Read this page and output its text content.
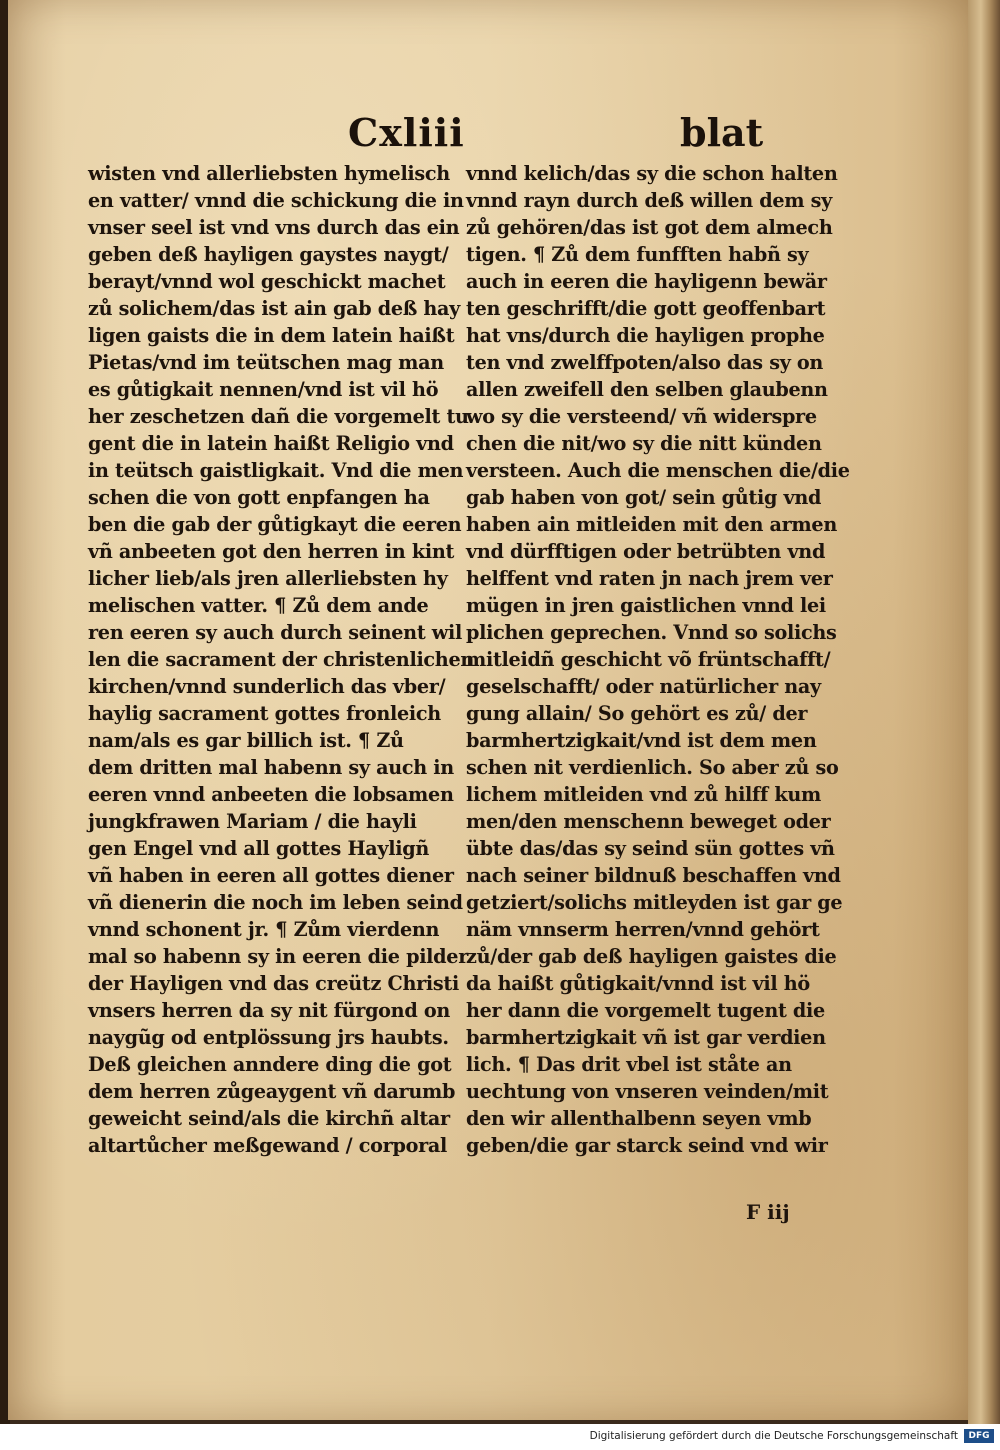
Cxliii	blat
wisten vnd allerliebsten hymelisch
en vatter/ vnnd die schickung die in
vnser seel ist vnd vns durch das ein
geben deß hayligen gaystes naygt/
berayt/vnnd wol geschickt machet
zů solichem/das ist ain gab deß hay
ligen gaists die in dem latein haißt
Pietas/vnd im teütschen mag man
es gůtigkait nennen/vnd ist vil hö
her zeschetzen dañ die vorgemelt tu
gent die in latein haißt Religio vnd
in teütsch gaistligkait. Vnd die men
schen die von gott enpfangen ha
ben die gab der gůtigkayt die eeren
vñ anbeeten got den herren in kint
licher lieb/als jren allerliebsten hy
melischen vatter. ¶ Zů dem ande
ren eeren sy auch durch seinent wil
len die sacrament der christenlichen
kirchen/vnnd sunderlich das vber/
haylig sacrament gottes fronleich
nam/als es gar billich ist. ¶ Zů
dem dritten mal habenn sy auch in
eeren vnnd anbeeten die lobsamen
jungkfrawen Mariam / die hayli
gen Engel vnd all gottes Hayligñ
vñ haben in eeren all gottes diener
vñ dienerin die noch im leben seind
vnnd schonent jr. ¶ Zům vierdenn
mal so habenn sy in eeren die pilder
der Hayligen vnd das creütz Christi
vnsers herren da sy nit fürgond on
naygũg od entplössung jrs haubts.
Deß gleichen anndere ding die got
dem herren zůgeaygent vñ darumb
geweicht seind/als die kirchñ altar
altartůcher meßgewand / corporal
vnnd kelich/das sy die schon halten
vnnd rayn durch deß willen dem sy
zů gehören/das ist got dem almech
tigen. ¶ Zů dem funfften habñ sy
auch in eeren die hayligenn bewär
ten geschrifft/die gott geoffenbart
hat vns/durch die hayligen prophe
ten vnd zwelffpoten/also das sy on
allen zweifell den selben glaubenn
wo sy die versteend/ vñ widersprе
chen die nit/wo sy die nitt künden
versteen. Auch die menschen die/die
gab haben von got/ sein gůtig vnd
haben ain mitleiden mit den armen
vnd dürfftigen oder betrübten vnd
helffent vnd raten jn nach jrem ver
mügen in jren gaistlichen vnnd lei
plichen geprechen. Vnnd so solichs
mitleidñ geschicht võ früntschafft/
geselschafft/ oder natürlicher nay
gung allain/ So gehört es zů/ der
barmhertzigkait/vnd ist dem men
schen nit verdienlich. So aber zů so
lichem mitleiden vnd zů hilff kum
men/den menschenn beweget oder
übte das/das sy seind sün gottes vñ
nach seiner bildnuß beschaffen vnd
getziert/solichs mitleyden ist gar ge
näm vnnserm herren/vnnd gehört
zů/der gab deß hayligen gaistes die
da haißt gůtigkait/vnnd ist vil hö
her dann die vorgemelt tugent die
barmhertzigkait vñ ist gar verdien
lich. ¶ Das drit vbel ist ståte an
uechtung von vnseren veinden/mit
den wir allenthalbenn seyen vmb
geben/die gar starck seind vnd wir
F iij
Digitalisierung gefördert durch die Deutsche Forschungsgemeinschaft	DFG
